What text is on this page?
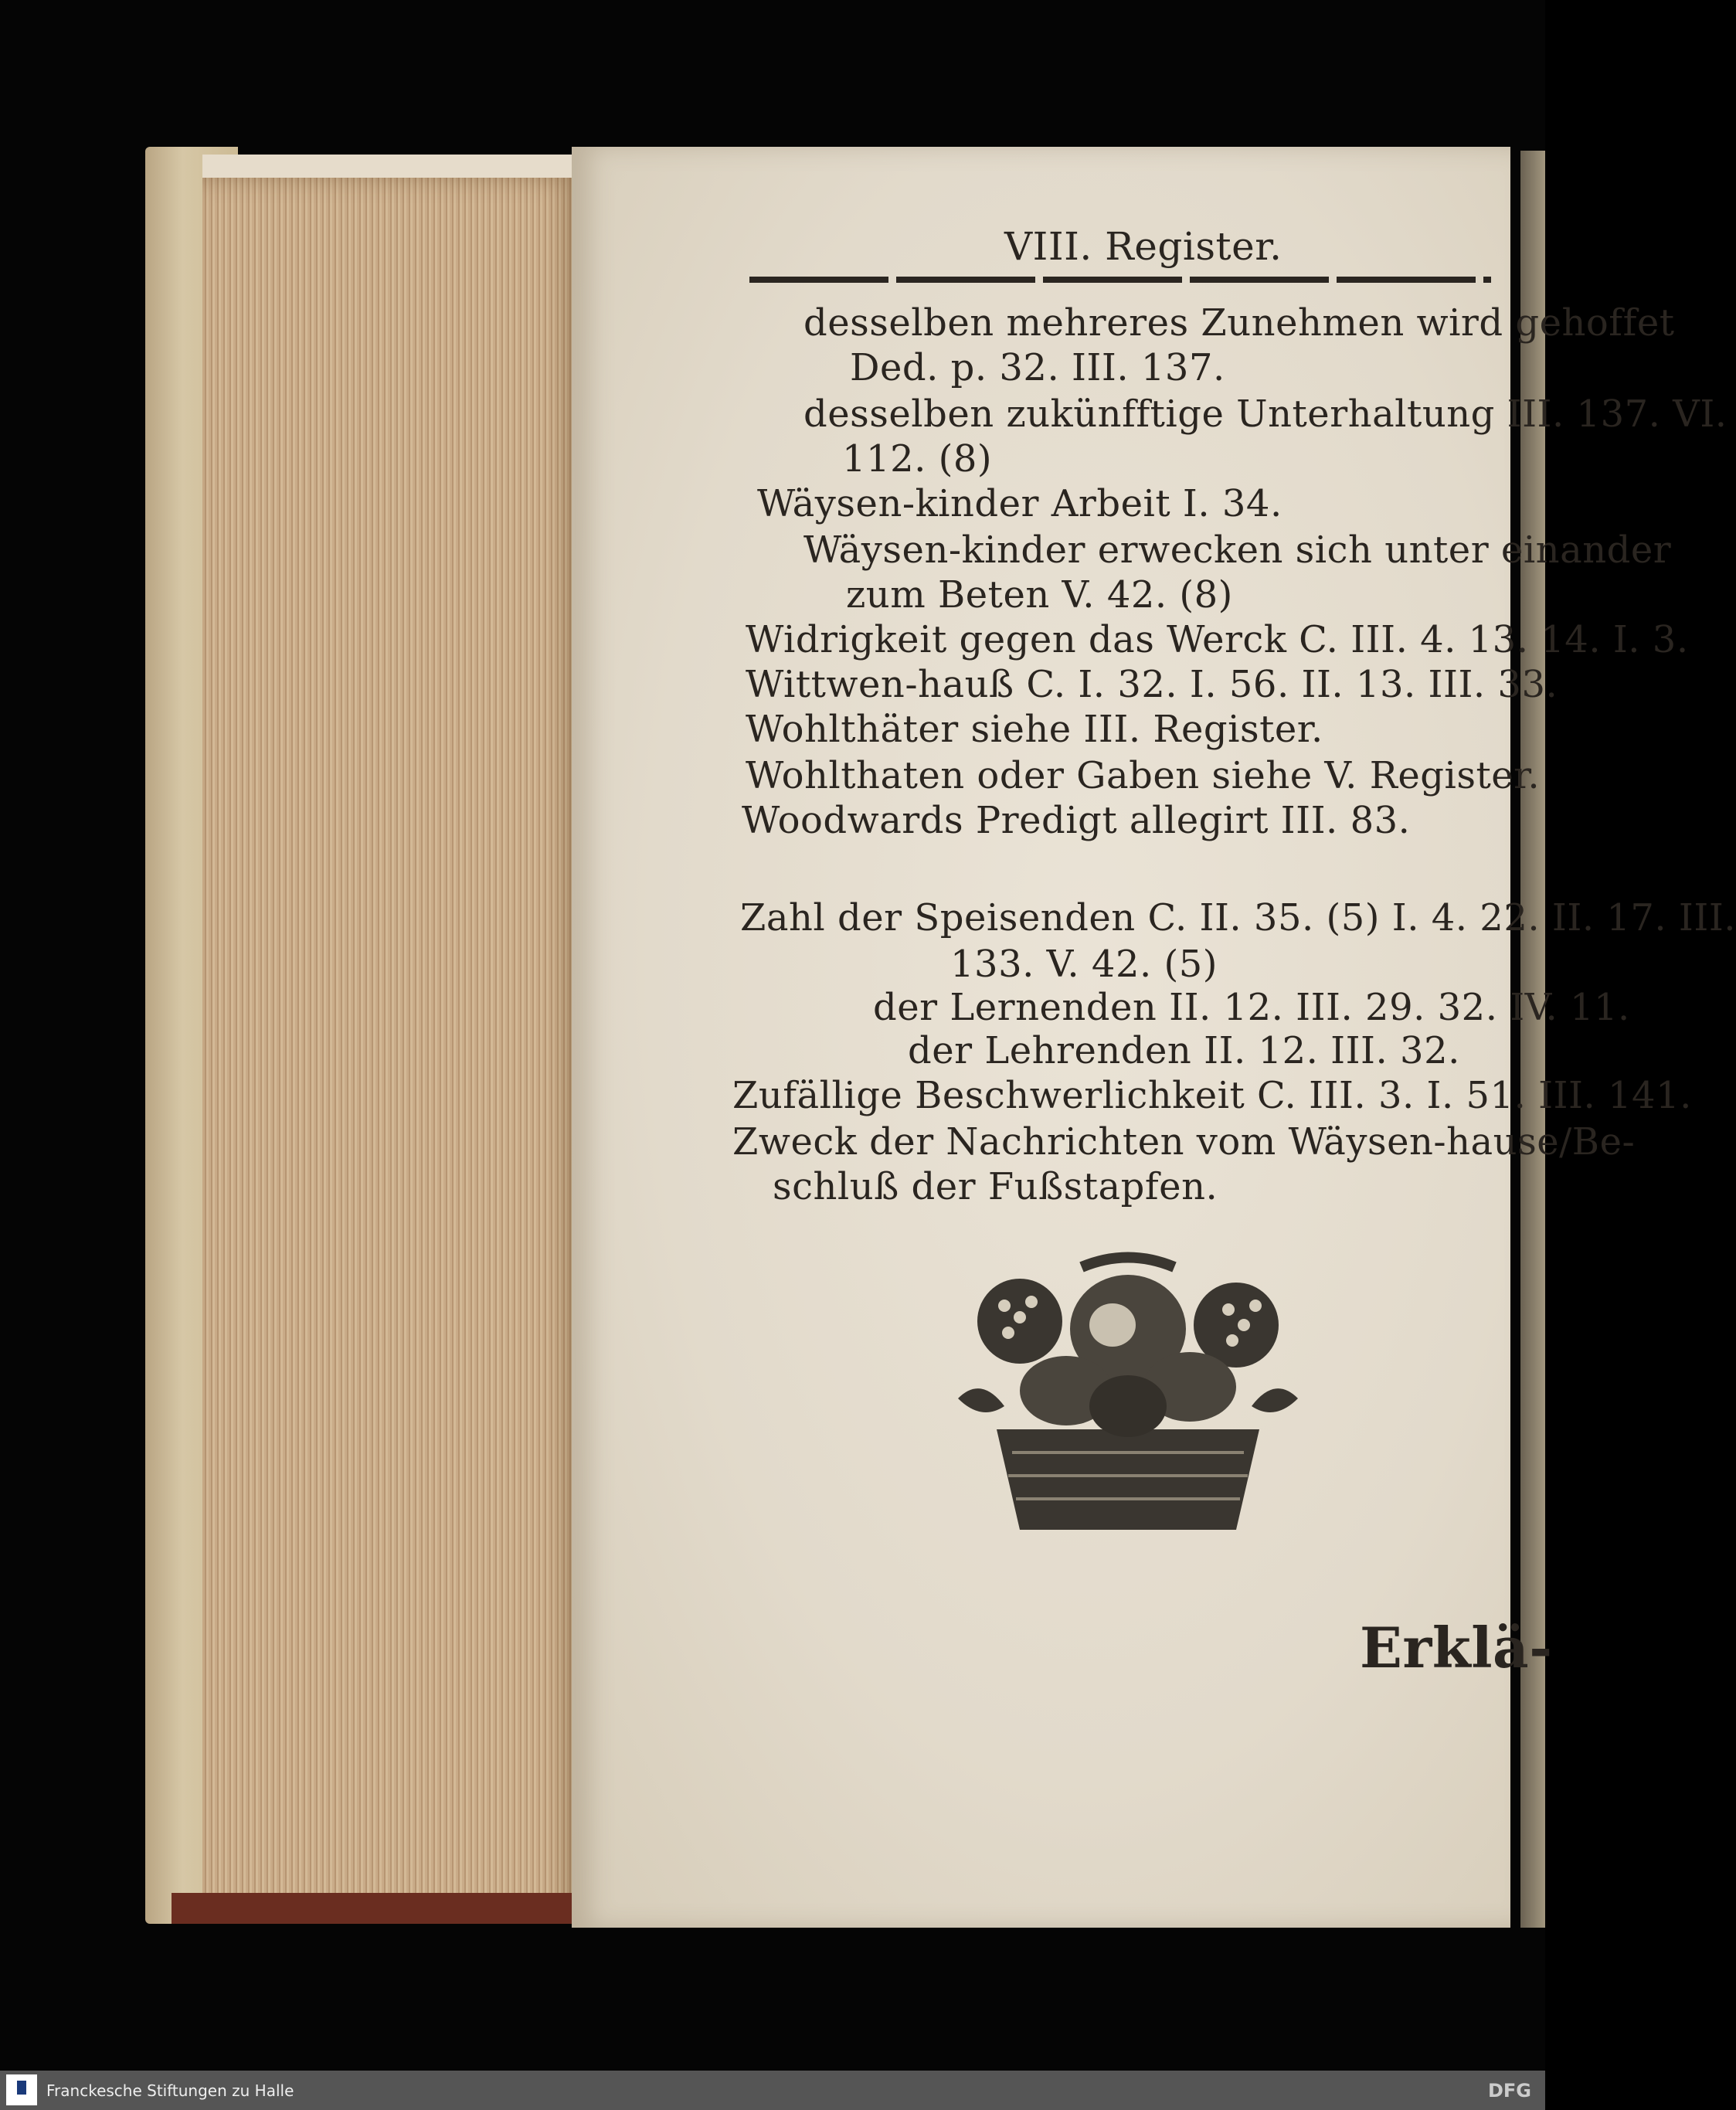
VIII. Register.
desselben mehreres Zunehmen wird gehoffet
Ded. p. 32. III. 137.
desselben zukünfftige Unterhaltung III. 137. VI.
112. (8)
Wäysen-kinder Arbeit I. 34.
Wäysen-kinder erwecken sich unter einander
zum Beten V. 42. (8)
Widrigkeit gegen das Werck C. III. 4. 13. 14. I. 3.
Wittwen-hauß C. I. 32. I. 56. II. 13. III. 33.
Wohlthäter siehe III. Register.
Wohlthaten oder Gaben siehe V. Register.
Woodwards Predigt allegirt III. 83.
Zahl der Speisenden C. II. 35. (5) I. 4. 22. II. 17. III.
133. V. 42. (5)
der Lernenden II. 12. III. 29. 32. IV. 11.
der Lehrenden II. 12. III. 32.
Zufällige Beschwerlichkeit C. III. 3. I. 51. III. 141.
Zweck der Nachrichten vom Wäysen-hause/Be-
schluß der Fußstapfen.
Erklä-
Franckesche Stiftungen zu Halle	DFG
